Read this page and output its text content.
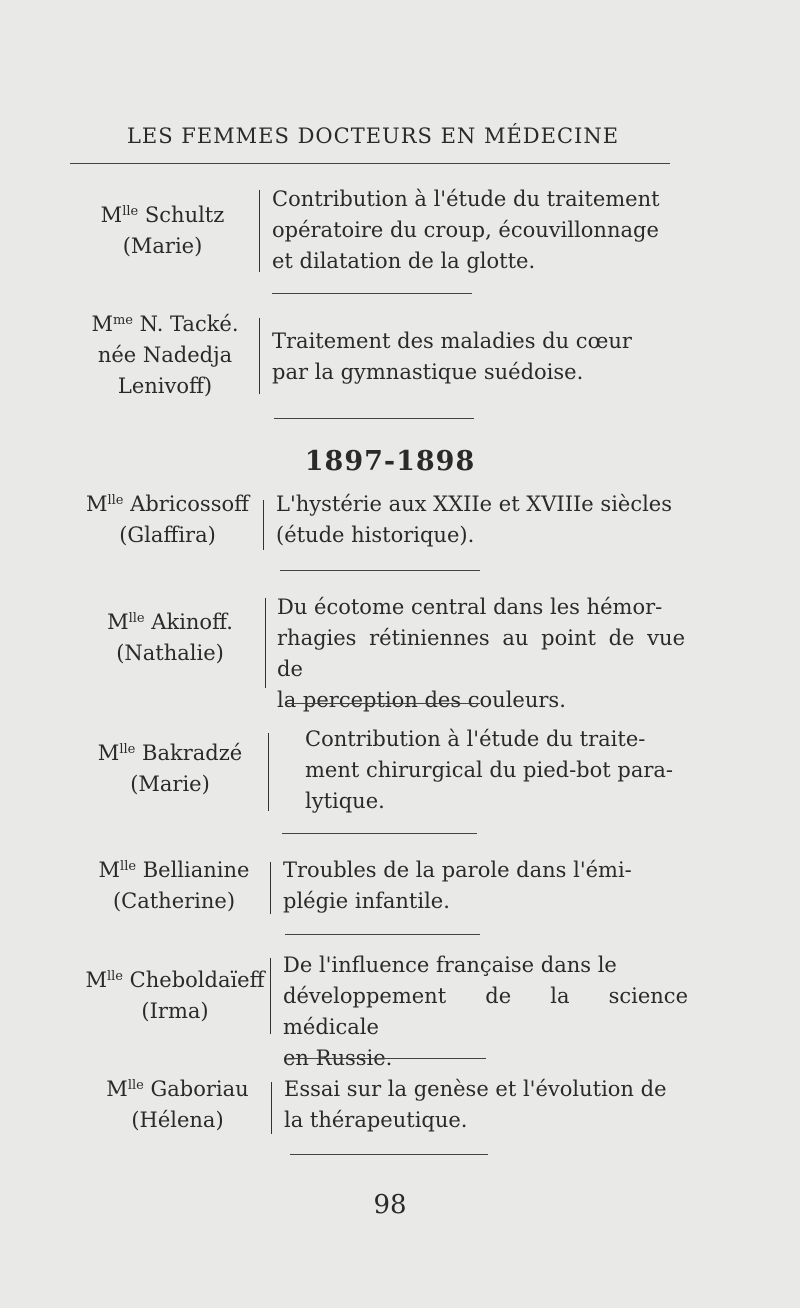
LES FEMMES DOCTEURS EN MÉDECINE
$M^{lle}$ Schultz
(Marie)
Contribution à l'étude du traitement
opératoire du croup, écouvillonnage
et dilatation de la glotte.
$M^{me}$ N. Tacké.
née Nadedja
Lenivoff)
Traitement des maladies du cœur
par la gymnastique suédoise.
1897-1898
$M^{lle}$ Abricossoff
(Glaffira)
L'hystérie aux XXIIe et XVIIIe siècles
(étude historique).
$M^{lle}$ Akinoff.
(Nathalie)
Du écotome central dans les hémor-
rhagies rétiniennes au point de vue de
la perception des couleurs.
$M^{lle}$ Bakradzé
(Marie)
Contribution à l'étude du traite-
ment chirurgical du pied-bot para-
lytique.
$M^{lle}$ Bellianine
(Catherine)
Troubles de la parole dans l'émi-
plégie infantile.
$M^{lle}$ Cheboldaïeff
(Irma)
De l'influence française dans le
développement de la science médicale
en Russie.
$M^{lle}$ Gaboriau
(Hélena)
Essai sur la genèse et l'évolution de
la thérapeutique.
98
